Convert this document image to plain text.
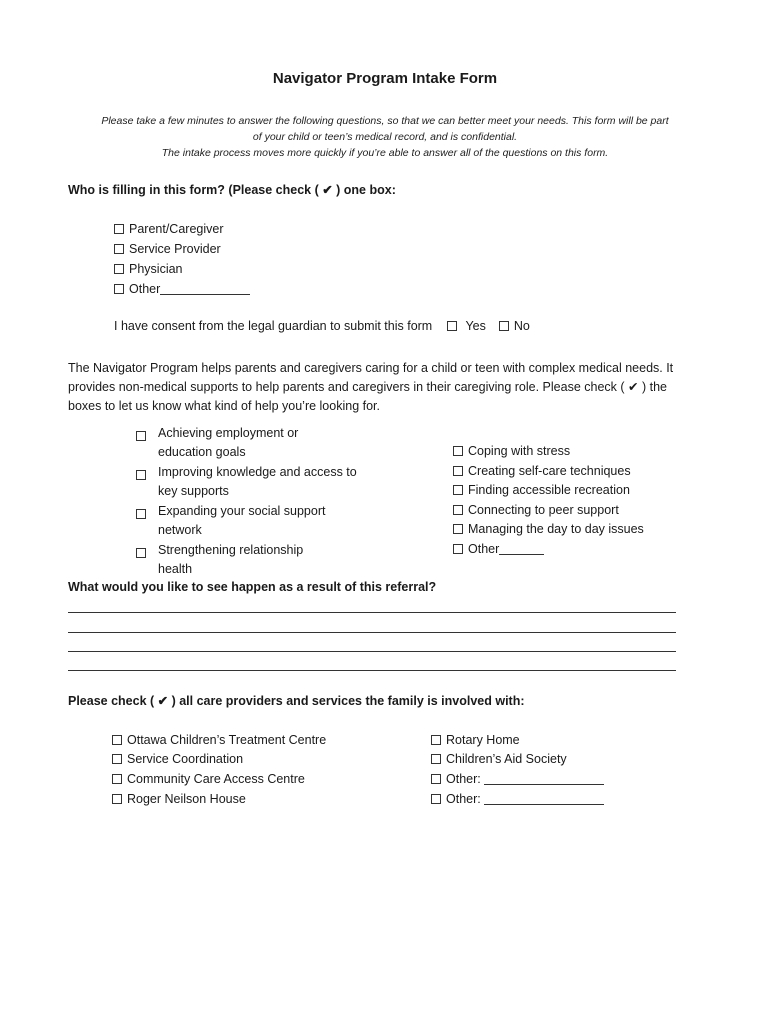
Navigator Program Intake Form
Please take a few minutes to answer the following questions, so that we can better meet your needs. This form will be part
of your child or teen’s medical record, and is confidential.
The intake process moves more quickly if you’re able to answer all of the questions on this form.
Who is filling in this form? (Please check ( ✔ ) one box:
Parent/Caregiver
Service Provider
Physician
Other
I have consent from the legal guardian to submit this form	Yes No
The Navigator Program helps parents and caregivers caring for a child or teen with complex medical needs. It provides non-medical supports to help parents and caregivers in their caregiving role. Please check ( ✔ ) the boxes to let us know what kind of help you’re looking for.
Achieving employment or education goals
Improving knowledge and access to key supports
Expanding your social support network
Strengthening relationship health
Coping with stress
Creating self-care techniques
Finding accessible recreation
Connecting to peer support
Managing the day to day issues
Other
What would you like to see happen as a result of this referral?
Please check ( ✔ ) all care providers and services the family is involved with:
Ottawa Children’s Treatment Centre
Service Coordination
Community Care Access Centre
Roger Neilson House
Rotary Home
Children’s Aid Society
Other:
Other:
